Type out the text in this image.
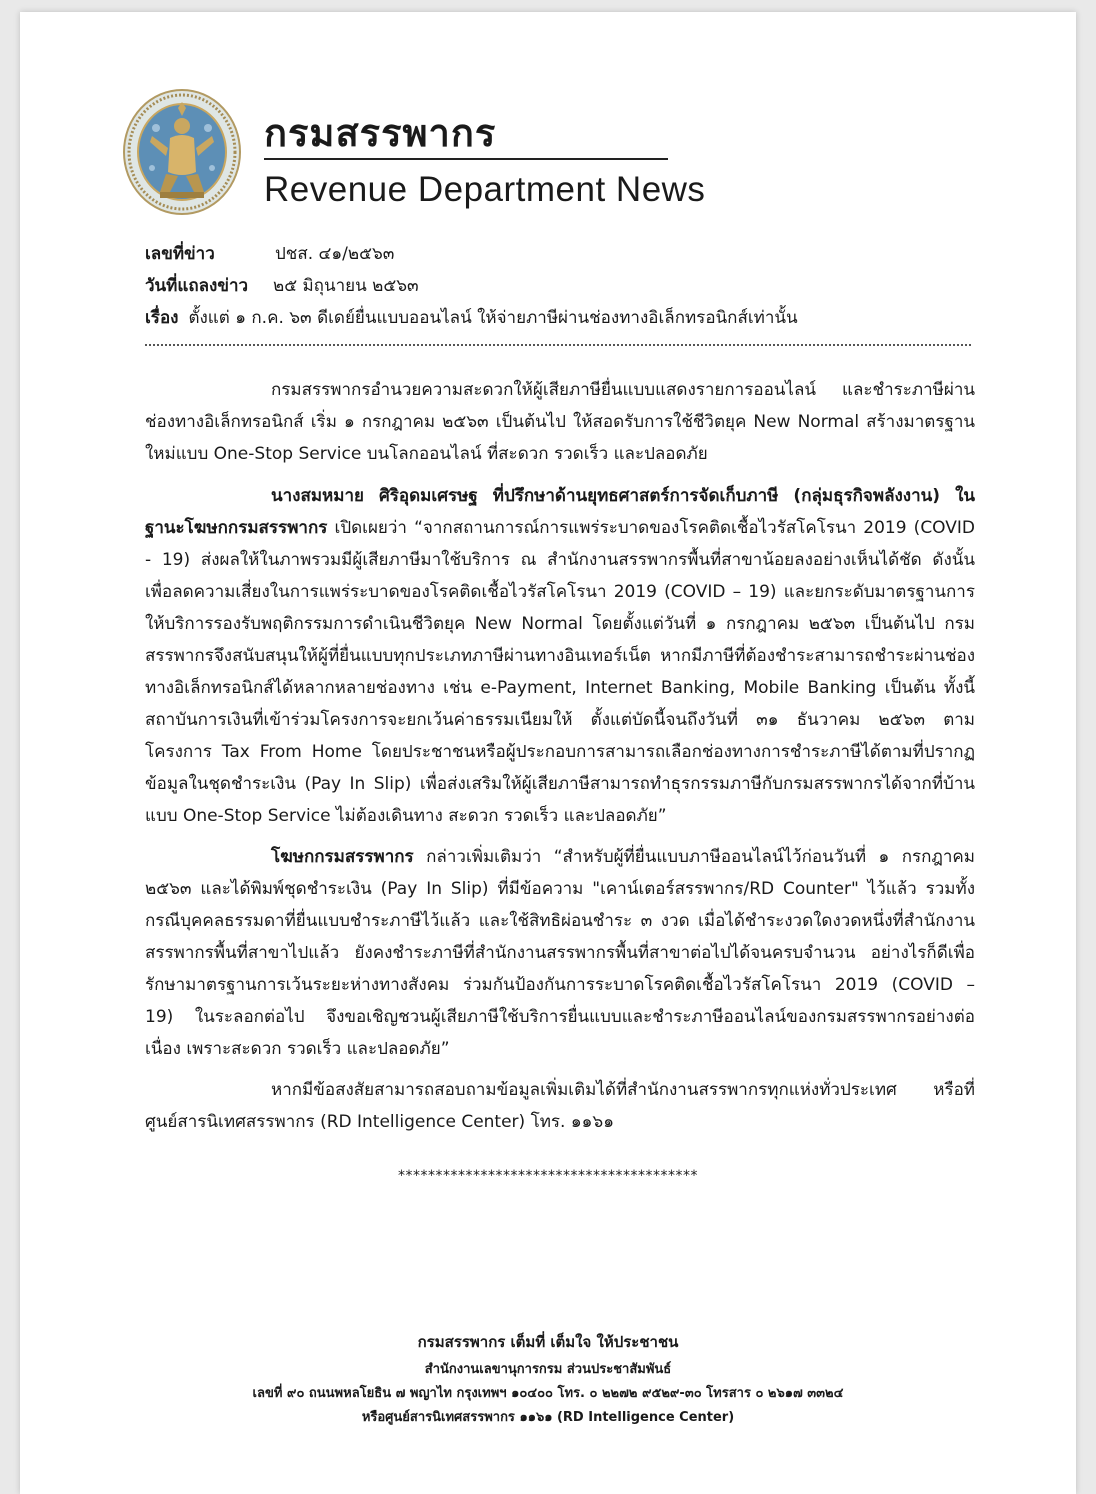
กรมสรรพากร
Revenue Department News
เลขที่ข่าว	ปชส. ๔๑/๒๕๖๓
วันที่แถลงข่าว ๒๕ มิถุนายน ๒๕๖๓
เรื่อง ตั้งแต่ ๑ ก.ค. ๖๓ ดีเดย์ยื่นแบบออนไลน์ ให้จ่ายภาษีผ่านช่องทางอิเล็กทรอนิกส์เท่านั้น
กรมสรรพากรอำนวยความสะดวกให้ผู้เสียภาษียื่นแบบแสดงรายการออนไลน์ และชำระภาษีผ่านช่องทางอิเล็กทรอนิกส์ เริ่ม ๑ กรกฎาคม ๒๕๖๓ เป็นต้นไป ให้สอดรับการใช้ชีวิตยุค New Normal สร้างมาตรฐานใหม่แบบ One-Stop Service บนโลกออนไลน์ ที่สะดวก รวดเร็ว และปลอดภัย
นางสมหมาย ศิริอุดมเศรษฐ ที่ปรึกษาด้านยุทธศาสตร์การจัดเก็บภาษี (กลุ่มธุรกิจพลังงาน) ในฐานะโฆษกกรมสรรพากร เปิดเผยว่า “จากสถานการณ์การแพร่ระบาดของโรคติดเชื้อไวรัสโคโรนา 2019 (COVID - 19) ส่งผลให้ในภาพรวมมีผู้เสียภาษีมาใช้บริการ ณ สำนักงานสรรพากรพื้นที่สาขาน้อยลงอย่างเห็นได้ชัด ดังนั้น เพื่อลดความเสี่ยงในการแพร่ระบาดของโรคติดเชื้อไวรัสโคโรนา 2019 (COVID – 19) และยกระดับมาตรฐานการให้บริการรองรับพฤติกรรมการดำเนินชีวิตยุค New Normal โดยตั้งแต่วันที่ ๑ กรกฎาคม ๒๕๖๓ เป็นต้นไป กรมสรรพากรจึงสนับสนุนให้ผู้ที่ยื่นแบบทุกประเภทภาษีผ่านทางอินเทอร์เน็ต หากมีภาษีที่ต้องชำระสามารถชำระผ่านช่องทางอิเล็กทรอนิกส์ได้หลากหลายช่องทาง เช่น e-Payment, Internet Banking, Mobile Banking เป็นต้น ทั้งนี้ สถาบันการเงินที่เข้าร่วมโครงการจะยกเว้นค่าธรรมเนียมให้ ตั้งแต่บัดนี้จนถึงวันที่ ๓๑ ธันวาคม ๒๕๖๓ ตามโครงการ Tax From Home โดยประชาชนหรือผู้ประกอบการสามารถเลือกช่องทางการชำระภาษีได้ตามที่ปรากฏข้อมูลในชุดชำระเงิน (Pay In Slip) เพื่อส่งเสริมให้ผู้เสียภาษีสามารถทำธุรกรรมภาษีกับกรมสรรพากรได้จากที่บ้านแบบ One-Stop Service ไม่ต้องเดินทาง สะดวก รวดเร็ว และปลอดภัย”
โฆษกกรมสรรพากร กล่าวเพิ่มเติมว่า “สำหรับผู้ที่ยื่นแบบภาษีออนไลน์ไว้ก่อนวันที่ ๑ กรกฎาคม ๒๕๖๓ และได้พิมพ์ชุดชำระเงิน (Pay In Slip) ที่มีข้อความ "เคาน์เตอร์สรรพากร/RD Counter" ไว้แล้ว รวมทั้งกรณีบุคคลธรรมดาที่ยื่นแบบชำระภาษีไว้แล้ว และใช้สิทธิผ่อนชำระ ๓ งวด เมื่อได้ชำระงวดใดงวดหนึ่งที่สำนักงานสรรพากรพื้นที่สาขาไปแล้ว ยังคงชำระภาษีที่สำนักงานสรรพากรพื้นที่สาขาต่อไปได้จนครบจำนวน อย่างไรก็ดีเพื่อรักษามาตรฐานการเว้นระยะห่างทางสังคม ร่วมกันป้องกันการระบาดโรคติดเชื้อไวรัสโคโรนา 2019 (COVID – 19) ในระลอกต่อไป จึงขอเชิญชวนผู้เสียภาษีใช้บริการยื่นแบบและชำระภาษีออนไลน์ของกรมสรรพากรอย่างต่อเนื่อง เพราะสะดวก รวดเร็ว และปลอดภัย”
หากมีข้อสงสัยสามารถสอบถามข้อมูลเพิ่มเติมได้ที่สำนักงานสรรพากรทุกแห่งทั่วประเทศ หรือที่ศูนย์สารนิเทศสรรพากร (RD Intelligence Center) โทร. ๑๑๖๑
****************************************
กรมสรรพากร เต็มที่ เต็มใจ ให้ประชาชน
สำนักงานเลขานุการกรม ส่วนประชาสัมพันธ์
เลขที่ ๙๐ ถนนพหลโยธิน ๗ พญาไท กรุงเทพฯ ๑๐๔๐๐ โทร. ๐ ๒๒๗๒ ๙๕๒๙-๓๐ โทรสาร ๐ ๒๖๑๗ ๓๓๒๔
หรือศูนย์สารนิเทศสรรพากร ๑๑๖๑ (RD Intelligence Center)
